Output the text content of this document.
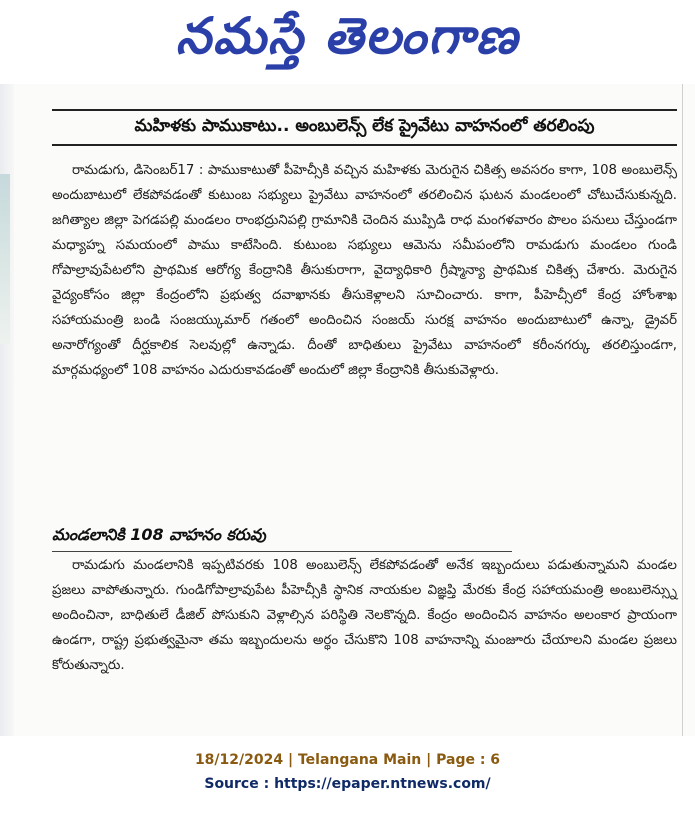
నమస్తే తెలంగాణ
మహిళకు పాముకాటు.. అంబులెన్స్ లేక ప్రైవేటు వాహనంలో తరలింపు

రామడుగు, డిసెంబర్17 : పాముకాటుతో పీహెచ్సీకి వచ్చిన మహిళకు మెరుగైన చికిత్స అవసరం కాగా, 108 అంబులెన్స్ అందుబాటులో లేకపోవడంతో కుటుంబ సభ్యులు ప్రైవేటు వాహనంలో తరలించిన ఘటన మండలంలో చోటుచేసుకున్నది. జగిత్యాల జిల్లా పెగడపల్లి మండలం రాంభద్రునిపల్లి గ్రామానికి చెందిన ముప్పిడి రాధ మంగళవారం పొలం పనులు చేస్తుండగా మధ్యాహ్న సమయంలో పాము కాటేసింది. కుటుంబ సభ్యులు ఆమెను సమీపంలోని రామడుగు మండలం గుండి గోపాల్రావుపేటలోని ప్రాథమిక ఆరోగ్య కేంద్రానికి తీసుకురాగా, వైద్యాధికారి గ్రీష్మాన్యా ప్రాథమిక చికిత్స చేశారు. మెరుగైన వైద్యంకోసం జిల్లా కేంద్రంలోని ప్రభుత్వ దవాఖానకు తీసుకెళ్లాలని సూచించారు. కాగా, పీహెచ్సీలో కేంద్ర హోంశాఖ సహాయమంత్రి బండి సంజయ్కుమార్ గతంలో అందించిన సంజయ్ సురక్ష వాహనం అందుబాటులో ఉన్నా, డ్రైవర్ అనారోగ్యంతో దీర్ఘకాలిక సెలవుల్లో ఉన్నాడు. దీంతో బాధితులు ప్రైవేటు వాహనంలో కరీంనగర్కు తరలిస్తుండగా, మార్గమధ్యంలో 108 వాహనం ఎదురుకావడంతో అందులో జిల్లా కేంద్రానికి తీసుకువెళ్లారు.

మండలానికి 108 వాహనం కరువు

రామడుగు మండలానికి ఇప్పటివరకు 108 అంబులెన్స్ లేకపోవడంతో అనేక ఇబ్బందులు పడుతున్నామని మండల ప్రజలు వాపోతున్నారు. గుండిగోపాల్రావుపేట పీహెచ్సీకి స్థానిక నాయకుల విజ్ఞప్తి మేరకు కేంద్ర సహాయమంత్రి అంబులెన్స్ను అందించినా, బాధితులే డీజిల్ పోసుకుని వెళ్లాల్సిన పరిస్థితి నెలకొన్నది. కేంద్రం అందించిన వాహనం అలంకార ప్రాయంగా ఉండగా, రాష్ట్ర ప్రభుత్వమైనా తమ ఇబ్బందులను అర్థం చేసుకొని 108 వాహనాన్ని మంజూరు చేయాలని మండల ప్రజలు కోరుతున్నారు.

18/12/2024 | Telangana Main | Page : 6
Source : https://epaper.ntnews.com/
